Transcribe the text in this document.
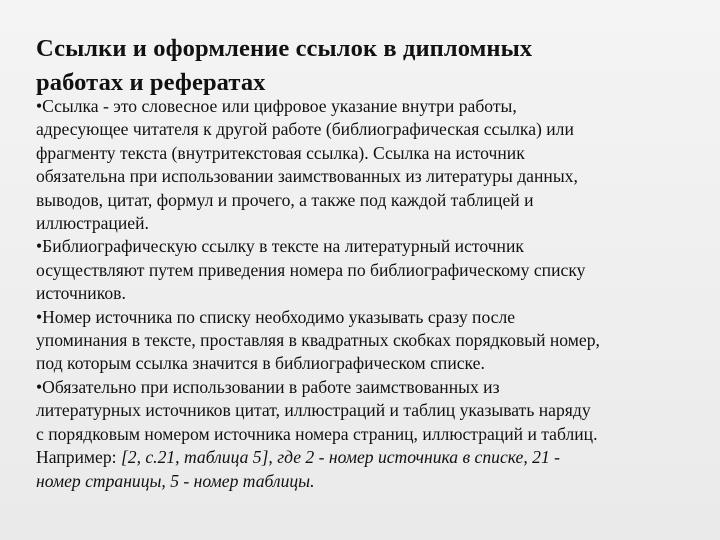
Ссылки и оформление ссылок в дипломных
работах и рефератах

•Ссылка - это словесное или цифровое указание внутри работы,
адресующее читателя к другой работе (библиографическая ссылка) или
фрагменту текста (внутритекстовая ссылка). Ссылка на источник
обязательна при использовании заимствованных из литературы данных,
выводов, цитат, формул и прочего, а также под каждой таблицей и
иллюстрацией.

•Библиографическую ссылку в тексте на литературный источник
осуществляют путем приведения номера по библиографическому списку
источников.

•Номер источника по списку необходимо указывать сразу после
упоминания в тексте, проставляя в квадратных скобках порядковый номер,
под которым ссылка значится в библиографическом списке.

•Обязательно при использовании в работе заимствованных из
литературных источников цитат, иллюстраций и таблиц указывать наряду
с порядковым номером источника номера страниц, иллюстраций и таблиц.
Например: [2, с.21, таблица 5], где 2 - номер источника в списке, 21 -
номер страницы, 5 - номер таблицы.
